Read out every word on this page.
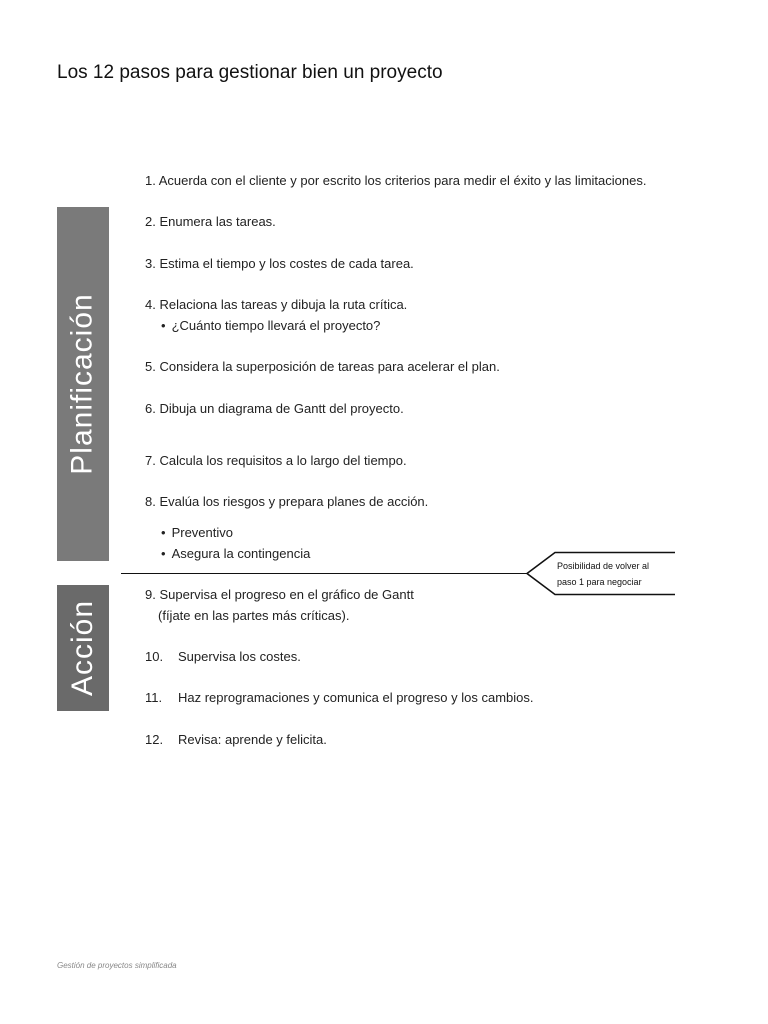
Los 12 pasos para gestionar bien un proyecto
Planificación
Acción
1. Acuerda con el cliente y por escrito los criterios para medir el éxito y las limitaciones.
2. Enumera las tareas.
3. Estima el tiempo y los costes de cada tarea.
4. Relaciona las tareas y dibuja la ruta crítica.
• ¿Cuánto tiempo llevará el proyecto?
5. Considera la superposición de tareas para acelerar el plan.
6. Dibuja un diagrama de Gantt del proyecto.
7. Calcula los requisitos a lo largo del tiempo.
8. Evalúa los riesgos y prepara planes de acción.
• Preventivo
• Asegura la contingencia
Posibilidad de volver al
paso 1 para negociar
9. Supervisa el progreso en el gráfico de Gantt
(fíjate en las partes más críticas).
10. Supervisa los costes.
11. Haz reprogramaciones y comunica el progreso y los cambios.
12. Revisa: aprende y felicita.
Gestión de proyectos simplificada
